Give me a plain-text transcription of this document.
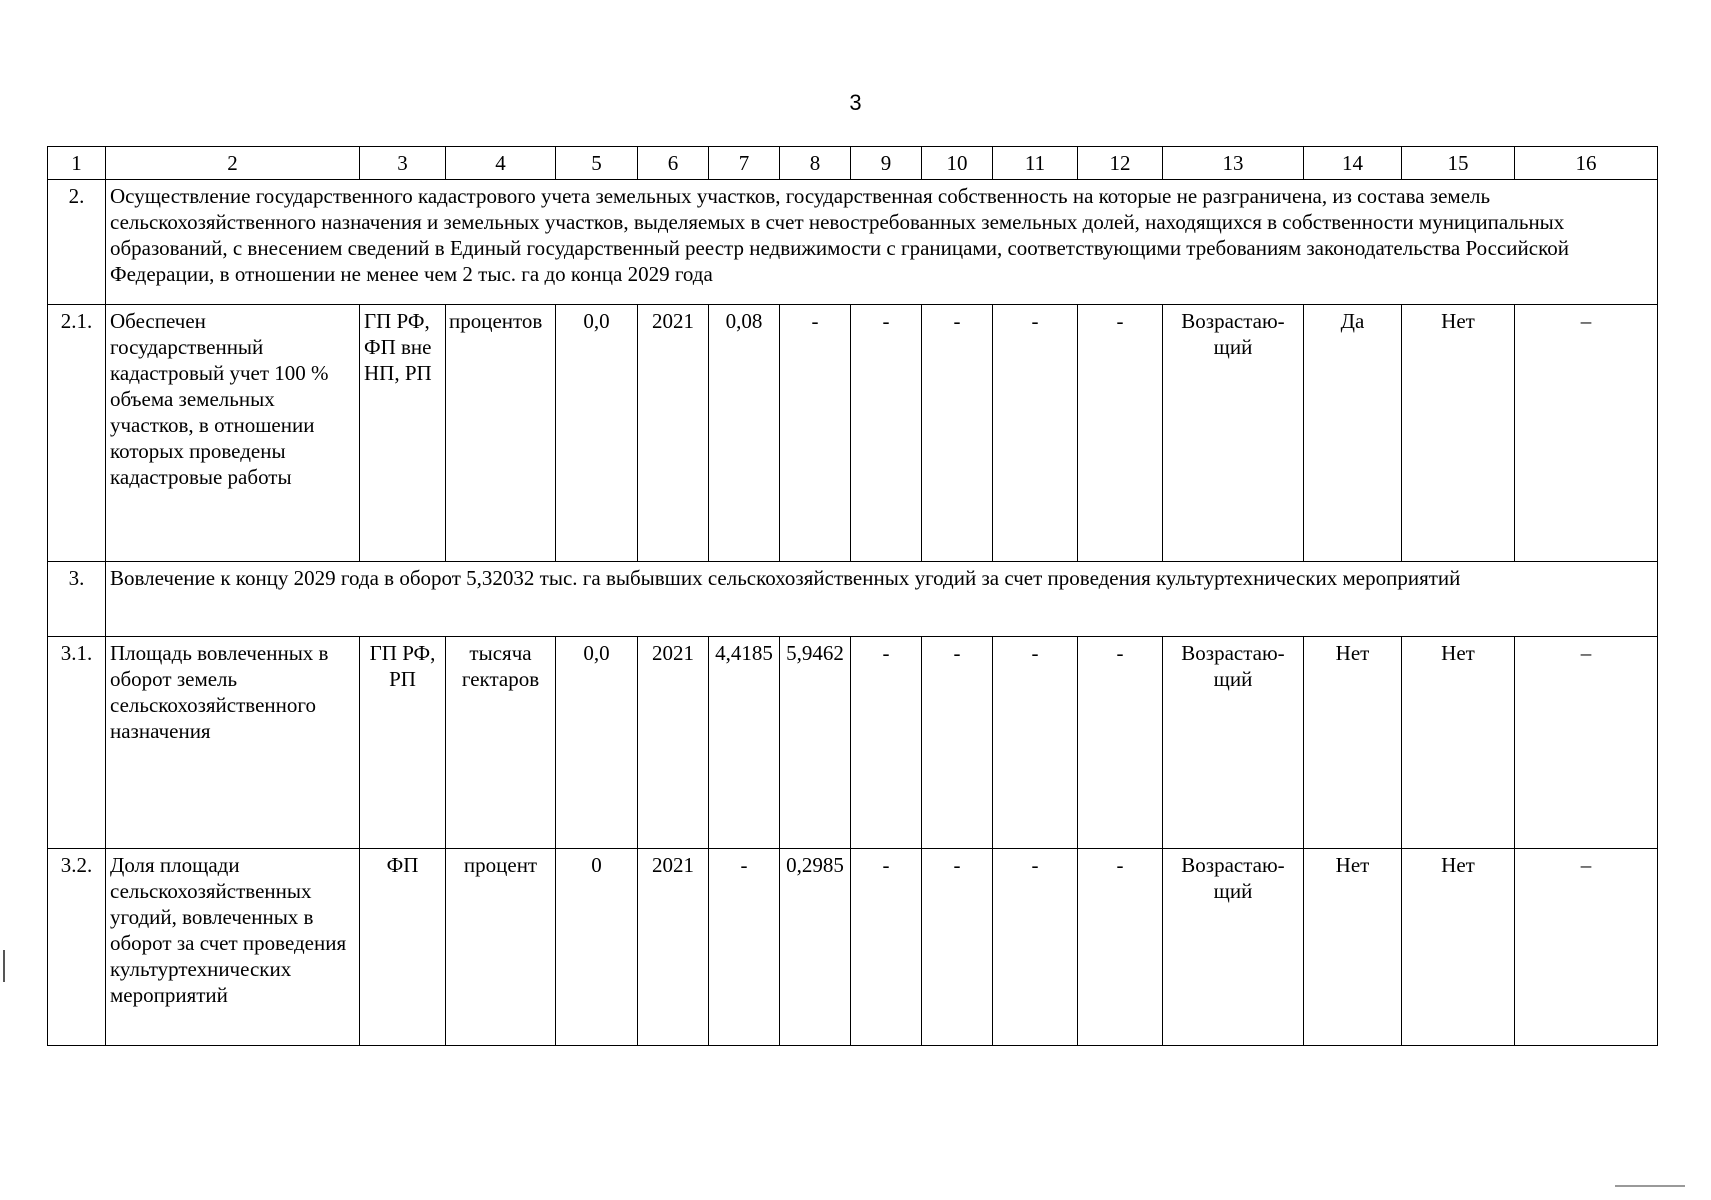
3
1	2	3	4	5	6	7	8	9	10	11	12	13	14	15	16
2.	Осуществление государственного кадастрового учета земельных участков, государственная собственность на которые не разграничена, из состава земель сельскохозяйственного назначения и земельных участков, выделяемых в счет невостребованных земельных долей, находящихся в собственности муниципальных образований, с внесением сведений в Единый государственный реестр недвижимости с границами, соответствующими требованиям законодательства Российской Федерации, в отношении не менее чем 2 тыс. га до конца 2029 года														
2.1.	Обеспечен государственный кадастровый учет 100 % объема земельных участков, в отношении которых проведены кадастровые работы	ГП РФ, ФП вне НП, РП	процентов	0,0	2021	0,08	-	-	-	-	-	Возрастаю-щий	Да	Нет	–
3.	Вовлечение к концу 2029 года в оборот 5,32032 тыс. га выбывших сельскохозяйственных угодий за счет проведения культуртехнических мероприятий														
3.1.	Площадь вовлеченных в оборот земель сельскохозяйственного назначения	ГП РФ, РП	тысяча гектаров	0,0	2021	4,4185	5,9462	-	-	-	-	Возрастаю-щий	Нет	Нет	–
3.2.	Доля площади сельскохозяйственных угодий, вовлеченных в оборот за счет проведения культуртехнических мероприятий	ФП	процент	0	2021	-	0,2985	-	-	-	-	Возрастаю-щий	Нет	Нет	–
